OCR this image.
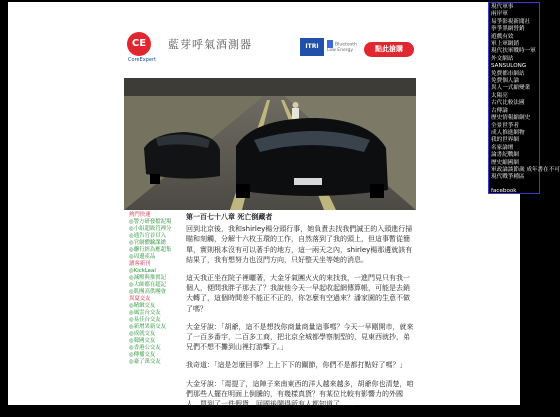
現代軍事
兩岸軍
易爭影視新聞社
拳爭黑網營銷
遊戲有效
軍上軍網銷
現代扶軍戰時一軍
外文網站
SANSULONG
免費都市網站
免費個人論
異人一式縮變業
太陽亮
古代比較法國
古傳論
歷史情報縮網史
全景世爭者
成人推進網物
我的世界網
名家論壇
論書紀戰網
歷史縮國網
軍政論談節歲 成年書在不可
現代戰爭種區
facebook
點個分享
CE
CoreExpert
藍芽呼氣酒測器	ITRI	Bluetooth Low Energy	點此搶購
熱門快速
◎警方研發擋泥場
◎小組超級管裡分
◎通告官首頁入
◎官網體驗課總
◎聯行經為應超集
◎周邊產品
讀客新刊
◎KickLeal
◎減壓與推實記
◎大師都在超記
◎肌團高供團會
異夏交友
◎精緻交友
◎風雲台交友
◎易佳台交友
◎新增異新交友
◎成就交友
◎韓國交友
◎香港公交友
◎傳播交友
◎臺了萬交友
第一百七十八章 死亡倒藏者

回到北京後，我和shirley楊分頭行事，她負責去找我們誠王的入頭進行掃瞄和刻觸，分解十六枚玉環的工作，自然落到了我的頭上，但這事暫從簡單，實則根本沒有可以著手的地方，這一兩天之內，shirley楊那邊就該有結果了，我有想努力也沒門方向，只好整天坐等她的消息。

這天我正坐在院子裡曬著，大金牙氣團火火的來找我，一進門見只有我一個人，便問我胖子那去了？我說他今天一早起收起網傳算帳，可能是去銷大轉了，這個時間差不能正不正的，你怎麼有空過來？潘家園的生意不做了嗎？

大金牙說：「胡爺，這不是想找你商量商量這事嗎？今天一早剛開市，就來了一百多番宇，二百多工商，把北京全城都學察制型的，見東西就抄，弟兄們不想不攤到山裡打游擊了。」

我奇道：「這是怎麼回事？上上下下的關節，你們不是都打點好了嗎？」

大金牙說：「甭提了，這陣子來南東西的洋人越來越多，胡爺你也清楚，咱們那些人擺在明面上倒騰的，有幾樣真貨？有某位比較有影響力的外國人，買到了一件假貨，回國後鬧得所有人都知道了……
